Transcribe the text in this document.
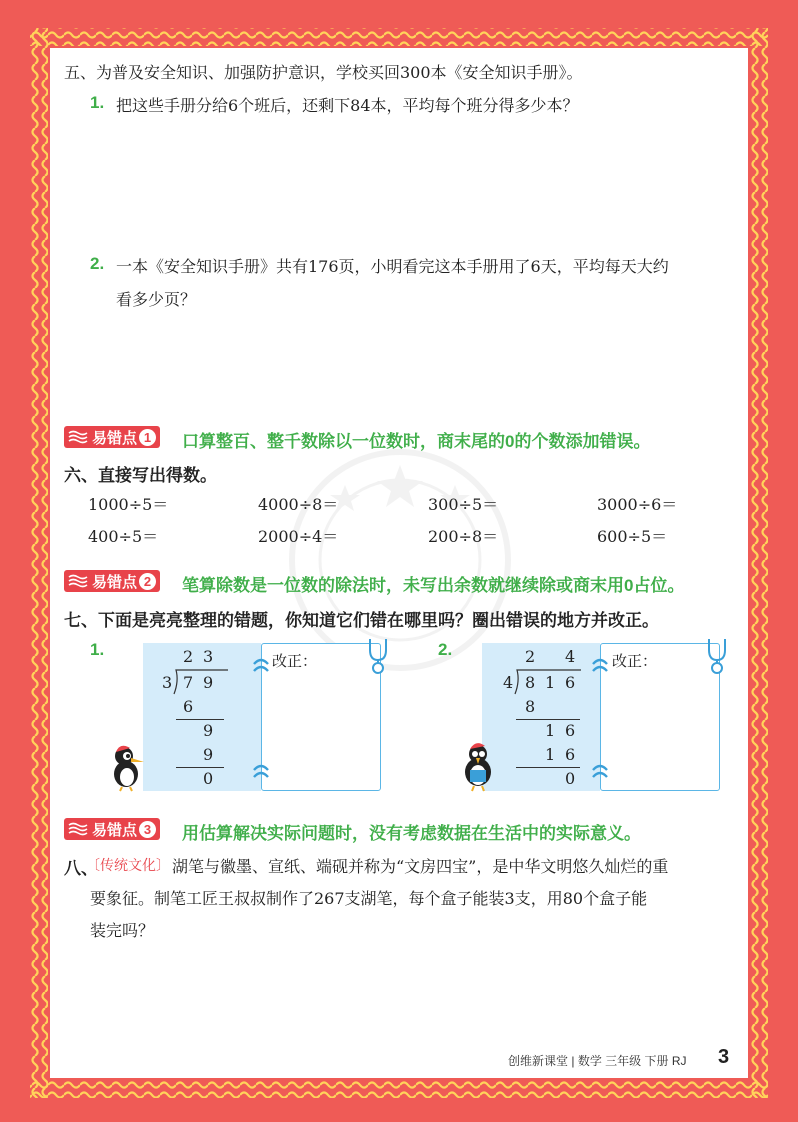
五、为普及安全知识、加强防护意识，学校买回300本《安全知识手册》。
1. 把这些手册分给6个班后，还剩下84本，平均每个班分得多少本？
2. 一本《安全知识手册》共有176页，小明看完这本手册用了6天，平均每天大约
看多少页？
易错点 1 口算整百、整千数除以一位数时，商末尾的0的个数添加错误。
六、直接写出得数。
1000÷5＝	4000÷8＝	300÷5＝	3000÷6＝
400÷5＝	2000÷4＝	200÷8＝	600÷5＝
易错点 2 笔算除数是一位数的除法时，未写出余数就继续除或商末用0占位。
七、下面是亮亮整理的错题，你知道它们错在哪里吗？圈出错误的地方并改正。
1.
改正：
2 3
3 7 9
6
9
9
0
2.
改正：
2 4
4 8 1 6
8
1 6
1 6
0
易错点 3 用估算解决实际问题时，没有考虑数据在生活中的实际意义。
八、
〔传统文化〕 湖笔与徽墨、宣纸、端砚并称为“文房四宝”，是中华文明悠久灿烂的重
要象征。制笔工匠王叔叔制作了267支湖笔，每个盒子能装3支，用80个盒子能
装完吗？
创维新课堂 | 数学 三年级 下册 RJ 3
